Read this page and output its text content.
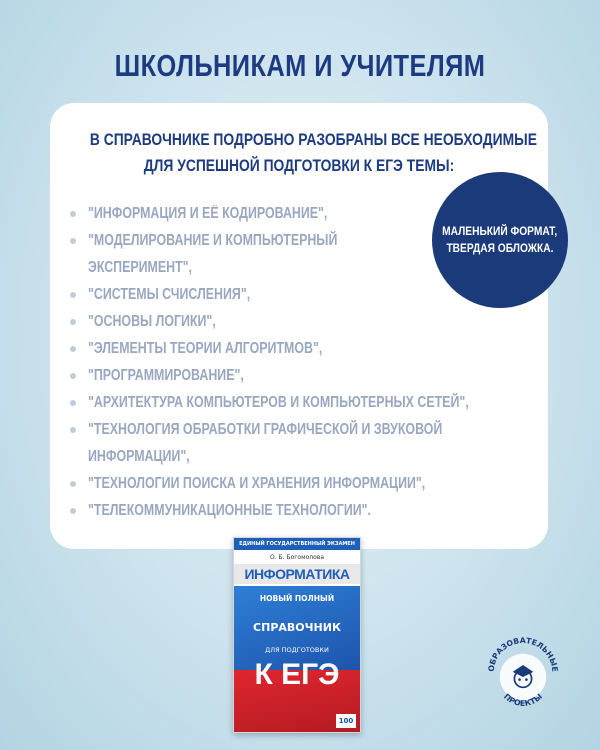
ШКОЛЬНИКАМ И УЧИТЕЛЯМ
В СПРАВОЧНИКЕ ПОДРОБНО РАЗОБРАНЫ ВСЕ НЕОБХОДИМЫЕ
ДЛЯ УСПЕШНОЙ ПОДГОТОВКИ К ЕГЭ ТЕМЫ:
"ИНФОРМАЦИЯ И ЕЁ КОДИРОВАНИЕ",
"МОДЕЛИРОВАНИЕ И КОМПЬЮТЕРНЫЙ
ЭКСПЕРИМЕНТ",
"СИСТЕМЫ СЧИСЛЕНИЯ",
"ОСНОВЫ ЛОГИКИ",
"ЭЛЕМЕНТЫ ТЕОРИИ АЛГОРИТМОВ",
"ПРОГРАММИРОВАНИЕ",
"АРХИТЕКТУРА КОМПЬЮТЕРОВ И КОМПЬЮТЕРНЫХ СЕТЕЙ",
"ТЕХНОЛОГИЯ ОБРАБОТКИ ГРАФИЧЕСКОЙ И ЗВУКОВОЙ
ИНФОРМАЦИИ",
"ТЕХНОЛОГИИ ПОИСКА И ХРАНЕНИЯ ИНФОРМАЦИИ",
"ТЕЛЕКОММУНИКАЦИОННЫЕ ТЕХНОЛОГИИ".
МАЛЕНЬКИЙ ФОРМАТ,
ТВЕРДАЯ ОБЛОЖКА.
ЕДИНЫЙ ГОСУДАРСТВЕННЫЙ ЭКЗАМЕН
О. Б. Богомолова
ИНФОРМАТИКА
НОВЫЙ ПОЛНЫЙ
СПРАВОЧНИК
ДЛЯ ПОДГОТОВКИ
К ЕГЭ
100
ОБРАЗОВАТЕЛЬНЫЕ
ПРОЕКТЫ
